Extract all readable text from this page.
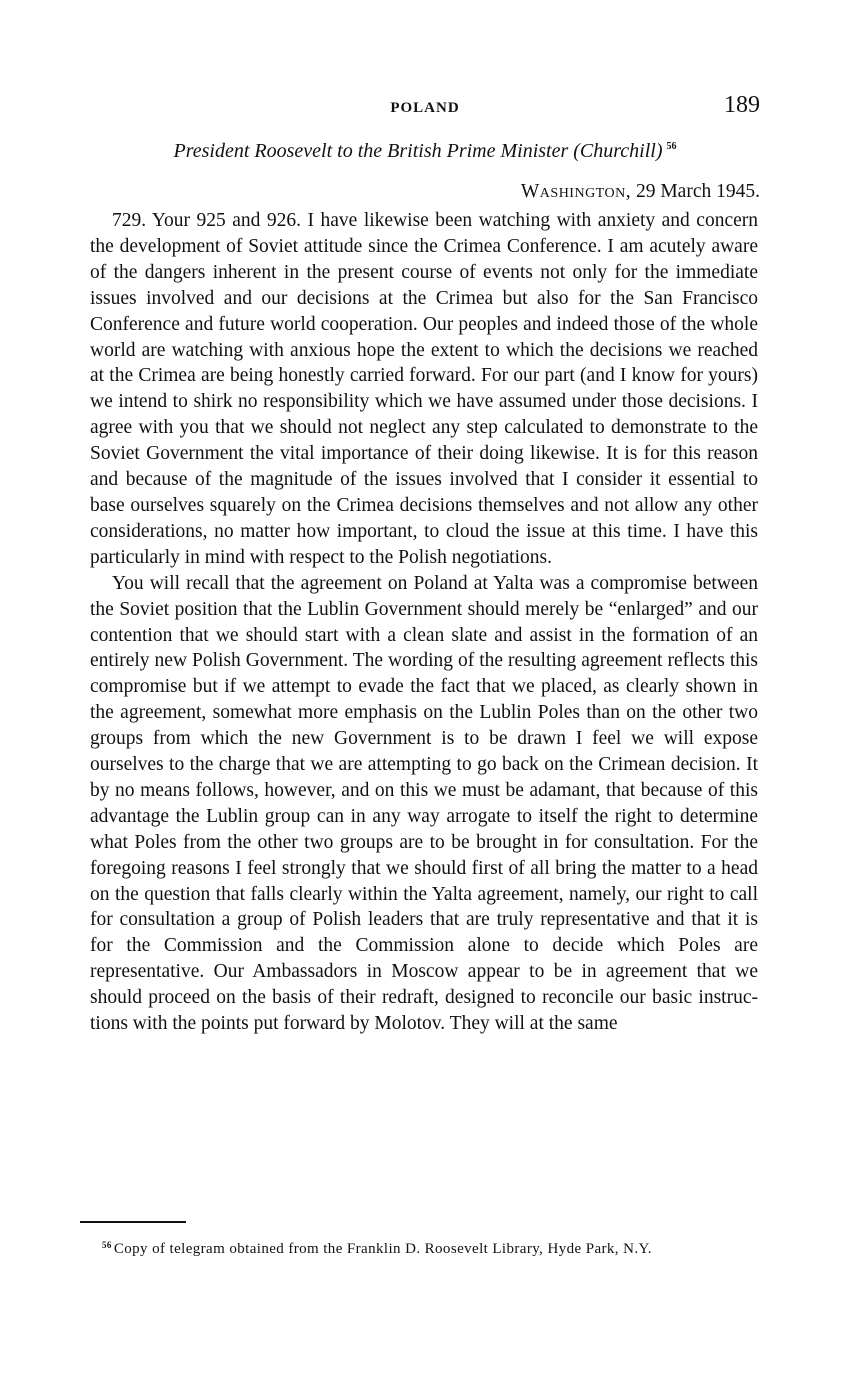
POLAND	189
President Roosevelt to the British Prime Minister (Churchill) $^{56}$
Washington, 29 March 1945.

729. Your 925 and 926. I have likewise been watching with anxiety and concern the development of Soviet attitude since the Crimea Conference. I am acutely aware of the dangers inherent in the present course of events not only for the immediate issues involved and our decisions at the Crimea but also for the San Francisco Conference and future world cooperation. Our peoples and indeed those of the whole world are watching with anxious hope the extent to which the decisions we reached at the Crimea are being honestly carried forward. For our part (and I know for yours) we intend to shirk no responsibility which we have assumed under those decisions. I agree with you that we should not neglect any step calculated to demonstrate to the Soviet Government the vital importance of their doing likewise. It is for this reason and because of the magnitude of the issues involved that I consider it essential to base ourselves squarely on the Crimea decisions themselves and not allow any other considerations, no matter how important, to cloud the issue at this time. I have this particularly in mind with respect to the Polish negotiations.

You will recall that the agreement on Poland at Yalta was a compromise between the Soviet position that the Lublin Government should merely be “enlarged” and our contention that we should start with a clean slate and assist in the formation of an entirely new Polish Government. The wording of the resulting agreement reflects this compromise but if we attempt to evade the fact that we placed, as clearly shown in the agreement, somewhat more emphasis on the Lublin Poles than on the other two groups from which the new Government is to be drawn I feel we will expose ourselves to the charge that we are attempting to go back on the Crimean decision. It by no means follows, however, and on this we must be adamant, that because of this advantage the Lublin group can in any way arrogate to itself the right to determine what Poles from the other two groups are to be brought in for consultation. For the foregoing reasons I feel strongly that we should first of all bring the matter to a head on the question that falls clearly within the Yalta agreement, namely, our right to call for consultation a group of Polish leaders that are truly representative and that it is for the Commission and the Commission alone to decide which Poles are representative. Our Ambassadors in Moscow appear to be in agreement that we should proceed on the basis of their redraft, designed to reconcile our basic instructions with the points put forward by Molotov. They will at the same

$^{56}$ Copy of telegram obtained from the Franklin D. Roosevelt Library, Hyde Park, N.Y.
